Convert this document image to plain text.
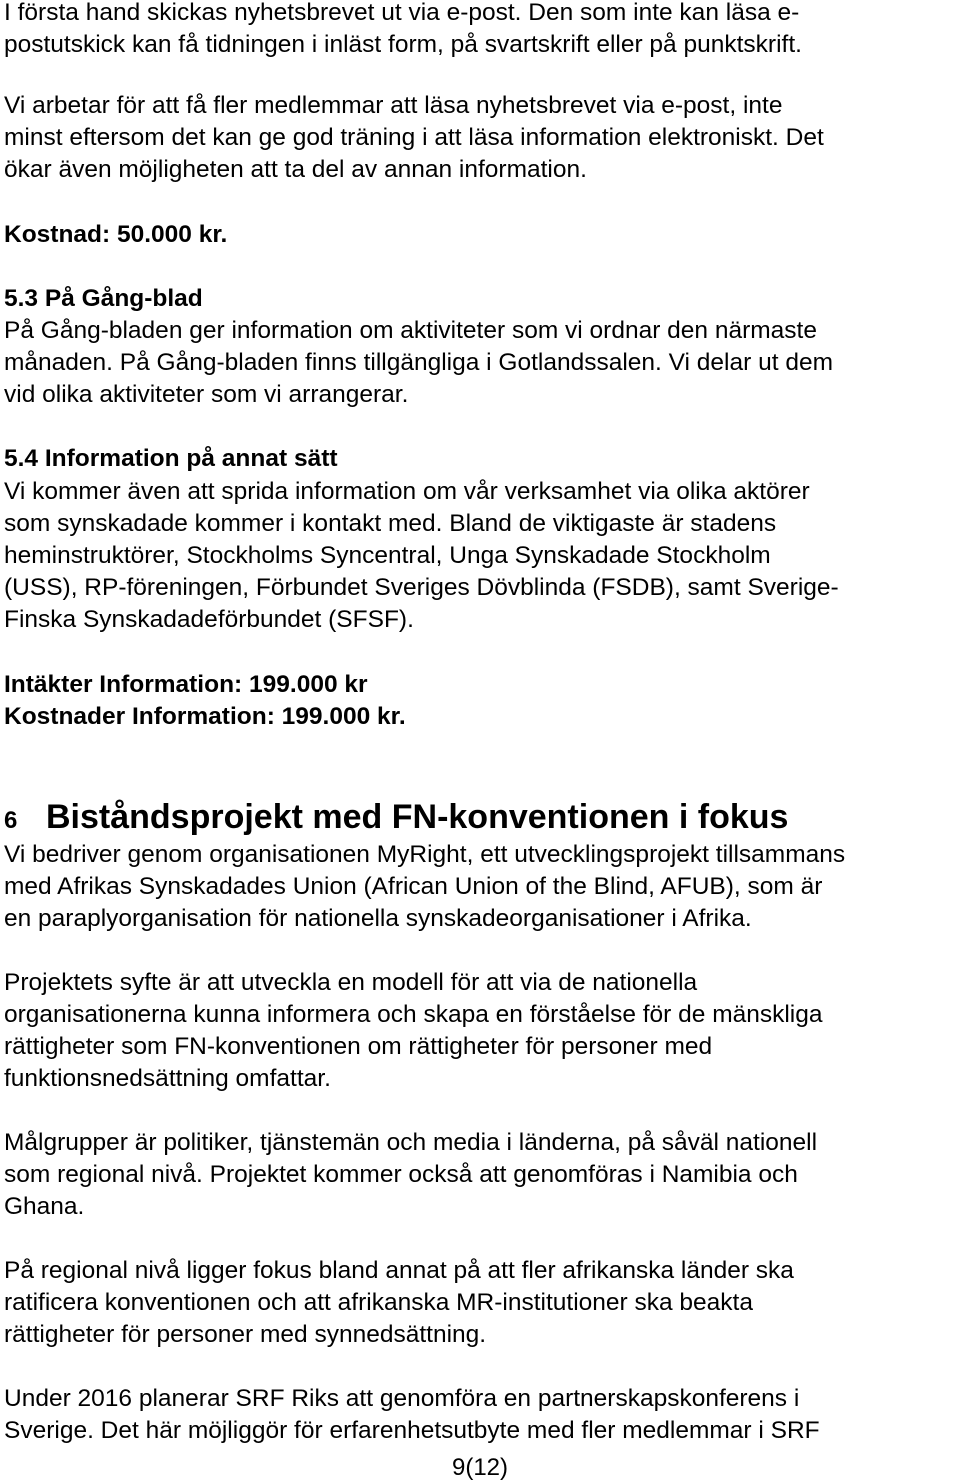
I första hand skickas nyhetsbrevet ut via e-post. Den som inte kan läsa e-

postutskick kan få tidningen i inläst form, på svartskrift eller på punktskrift.

Vi arbetar för att få fler medlemmar att läsa nyhetsbrevet via e-post, inte

minst eftersom det kan ge god träning i att läsa information elektroniskt. Det

ökar även möjligheten att ta del av annan information.

Kostnad: 50.000 kr.

5.3 På Gång-blad

På Gång-bladen ger information om aktiviteter som vi ordnar den närmaste

månaden. På Gång-bladen finns tillgängliga i Gotlandssalen. Vi delar ut dem

vid olika aktiviteter som vi arrangerar.

5.4 Information på annat sätt

Vi kommer även att sprida information om vår verksamhet via olika aktörer

som synskadade kommer i kontakt med. Bland de viktigaste är stadens

heminstruktörer, Stockholms Syncentral, Unga Synskadade Stockholm

(USS), RP-föreningen, Förbundet Sveriges Dövblinda (FSDB), samt Sverige-

Finska Synskadadeförbundet (SFSF).

Intäkter Information: 199.000 kr

Kostnader Information: 199.000 kr.

6 Biståndsprojekt med FN-konventionen i fokus

Vi bedriver genom organisationen MyRight, ett utvecklingsprojekt tillsammans

med Afrikas Synskadades Union (African Union of the Blind, AFUB), som är

en paraplyorganisation för nationella synskadeorganisationer i Afrika.

Projektets syfte är att utveckla en modell för att via de nationella

organisationerna kunna informera och skapa en förståelse för de mänskliga

rättigheter som FN-konventionen om rättigheter för personer med

funktionsnedsättning omfattar.

Målgrupper är politiker, tjänstemän och media i länderna, på såväl nationell

som regional nivå. Projektet kommer också att genomföras i Namibia och

Ghana.

På regional nivå ligger fokus bland annat på att fler afrikanska länder ska

ratificera konventionen och att afrikanska MR-institutioner ska beakta

rättigheter för personer med synnedsättning.

Under 2016 planerar SRF Riks att genomföra en partnerskapskonferens i

Sverige. Det här möjliggör för erfarenhetsutbyte med fler medlemmar i SRF

9(12)
